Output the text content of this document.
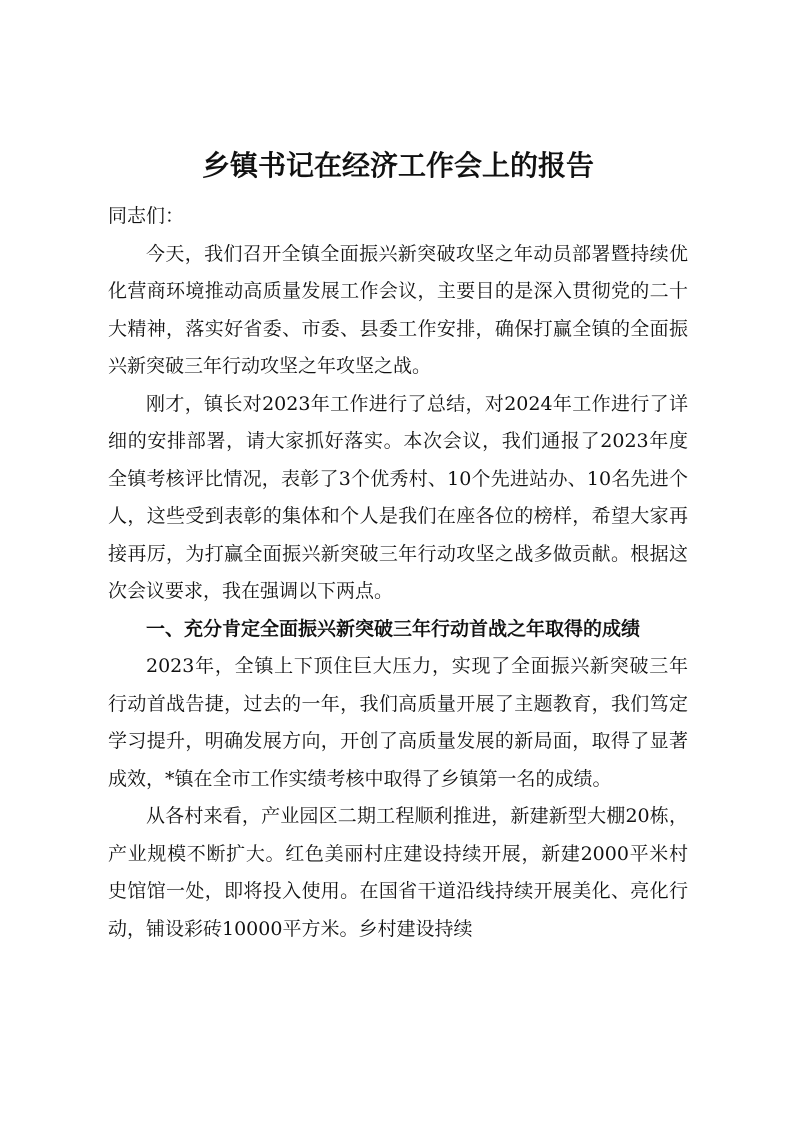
乡镇书记在经济工作会上的报告

同志们：

今天，我们召开全镇全面振兴新突破攻坚之年动员部署暨持续优化营商环境推动高质量发展工作会议，主要目的是深入贯彻党的二十大精神，落实好省委、市委、县委工作安排，确保打赢全镇的全面振兴新突破三年行动攻坚之年攻坚之战。

刚才，镇长对2023年工作进行了总结，对2024年工作进行了详细的安排部署，请大家抓好落实。本次会议，我们通报了2023年度全镇考核评比情况，表彰了3个优秀村、10个先进站办、10名先进个人，这些受到表彰的集体和个人是我们在座各位的榜样，希望大家再接再厉，为打赢全面振兴新突破三年行动攻坚之战多做贡献。根据这次会议要求，我在强调以下两点。

一、充分肯定全面振兴新突破三年行动首战之年取得的成绩

2023年，全镇上下顶住巨大压力，实现了全面振兴新突破三年行动首战告捷，过去的一年，我们高质量开展了主题教育，我们笃定学习提升，明确发展方向，开创了高质量发展的新局面，取得了显著成效，*镇在全市工作实绩考核中取得了乡镇第一名的成绩。

从各村来看，产业园区二期工程顺利推进，新建新型大棚20栋，产业规模不断扩大。红色美丽村庄建设持续开展，新建2000平米村史馆馆一处，即将投入使用。在国省干道沿线持续开展美化、亮化行动，铺设彩砖10000平方米。乡村建设持续
